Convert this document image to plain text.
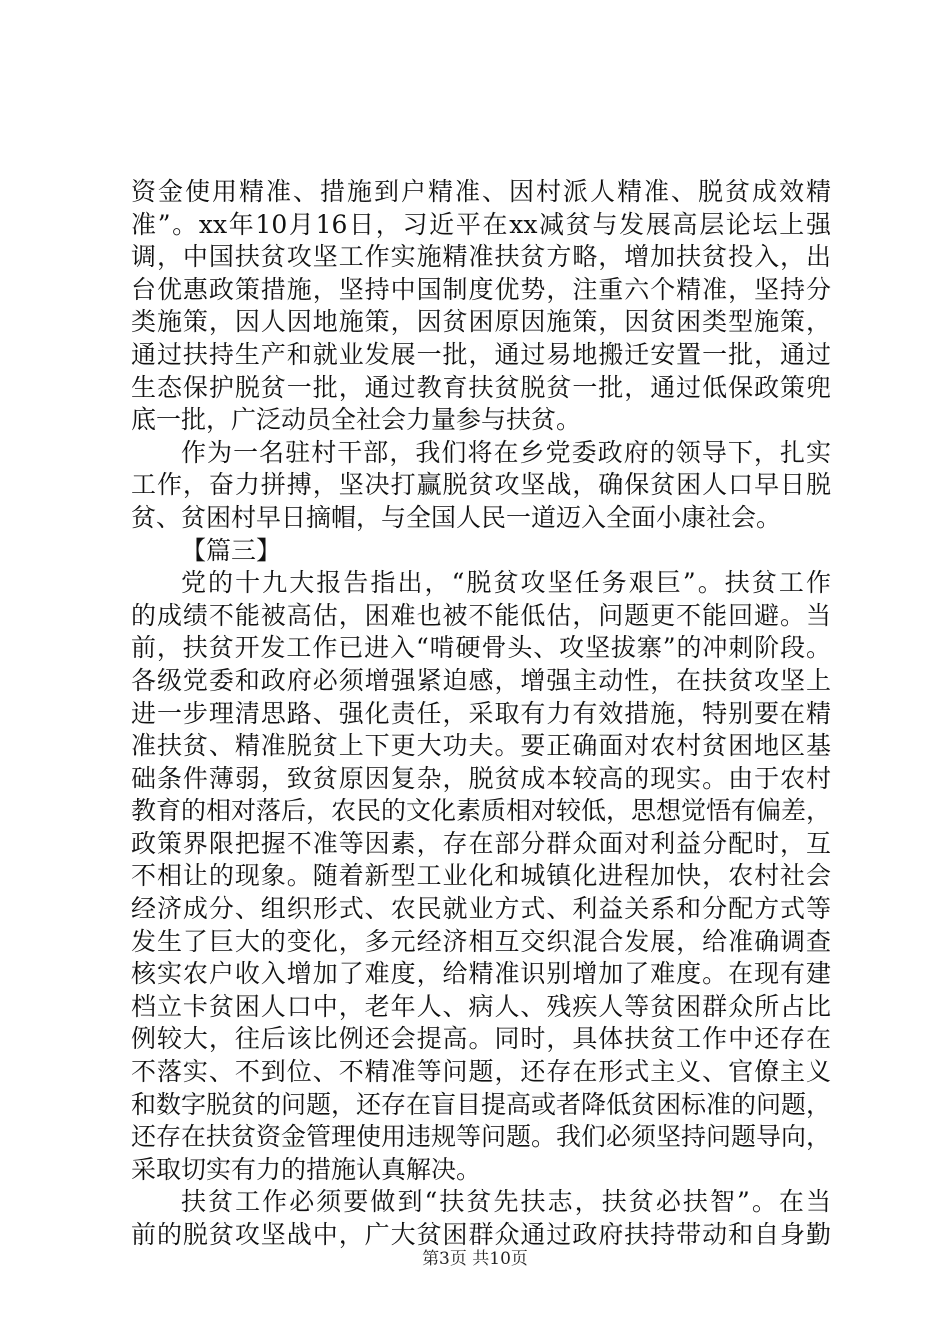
资金使用精准、措施到户精准、因村派人精准、脱贫成效精
准”。xx年10月16日，习近平在xx减贫与发展高层论坛上强
调，中国扶贫攻坚工作实施精准扶贫方略，增加扶贫投入，出
台优惠政策措施，坚持中国制度优势，注重六个精准，坚持分
类施策，因人因地施策，因贫困原因施策，因贫困类型施策，
通过扶持生产和就业发展一批，通过易地搬迁安置一批，通过
生态保护脱贫一批，通过教育扶贫脱贫一批，通过低保政策兜
底一批，广泛动员全社会力量参与扶贫。
作为一名驻村干部，我们将在乡党委政府的领导下，扎实
工作，奋力拼搏，坚决打赢脱贫攻坚战，确保贫困人口早日脱
贫、贫困村早日摘帽，与全国人民一道迈入全面小康社会。
【篇三】
党的十九大报告指出，“脱贫攻坚任务艰巨”。扶贫工作
的成绩不能被高估，困难也被不能低估，问题更不能回避。当
前，扶贫开发工作已进入“啃硬骨头、攻坚拔寨”的冲刺阶段。
各级党委和政府必须增强紧迫感，增强主动性，在扶贫攻坚上
进一步理清思路、强化责任，采取有力有效措施，特别要在精
准扶贫、精准脱贫上下更大功夫。要正确面对农村贫困地区基
础条件薄弱，致贫原因复杂，脱贫成本较高的现实。由于农村
教育的相对落后，农民的文化素质相对较低，思想觉悟有偏差，
政策界限把握不准等因素，存在部分群众面对利益分配时，互
不相让的现象。随着新型工业化和城镇化进程加快，农村社会
经济成分、组织形式、农民就业方式、利益关系和分配方式等
发生了巨大的变化，多元经济相互交织混合发展，给准确调查
核实农户收入增加了难度，给精准识别增加了难度。在现有建
档立卡贫困人口中，老年人、病人、残疾人等贫困群众所占比
例较大，往后该比例还会提高。同时，具体扶贫工作中还存在
不落实、不到位、不精准等问题，还存在形式主义、官僚主义
和数字脱贫的问题，还存在盲目提高或者降低贫困标准的问题，
还存在扶贫资金管理使用违规等问题。我们必须坚持问题导向，
采取切实有力的措施认真解决。
扶贫工作必须要做到“扶贫先扶志，扶贫必扶智”。在当
前的脱贫攻坚战中，广大贫困群众通过政府扶持带动和自身勤
第3页 共10页
